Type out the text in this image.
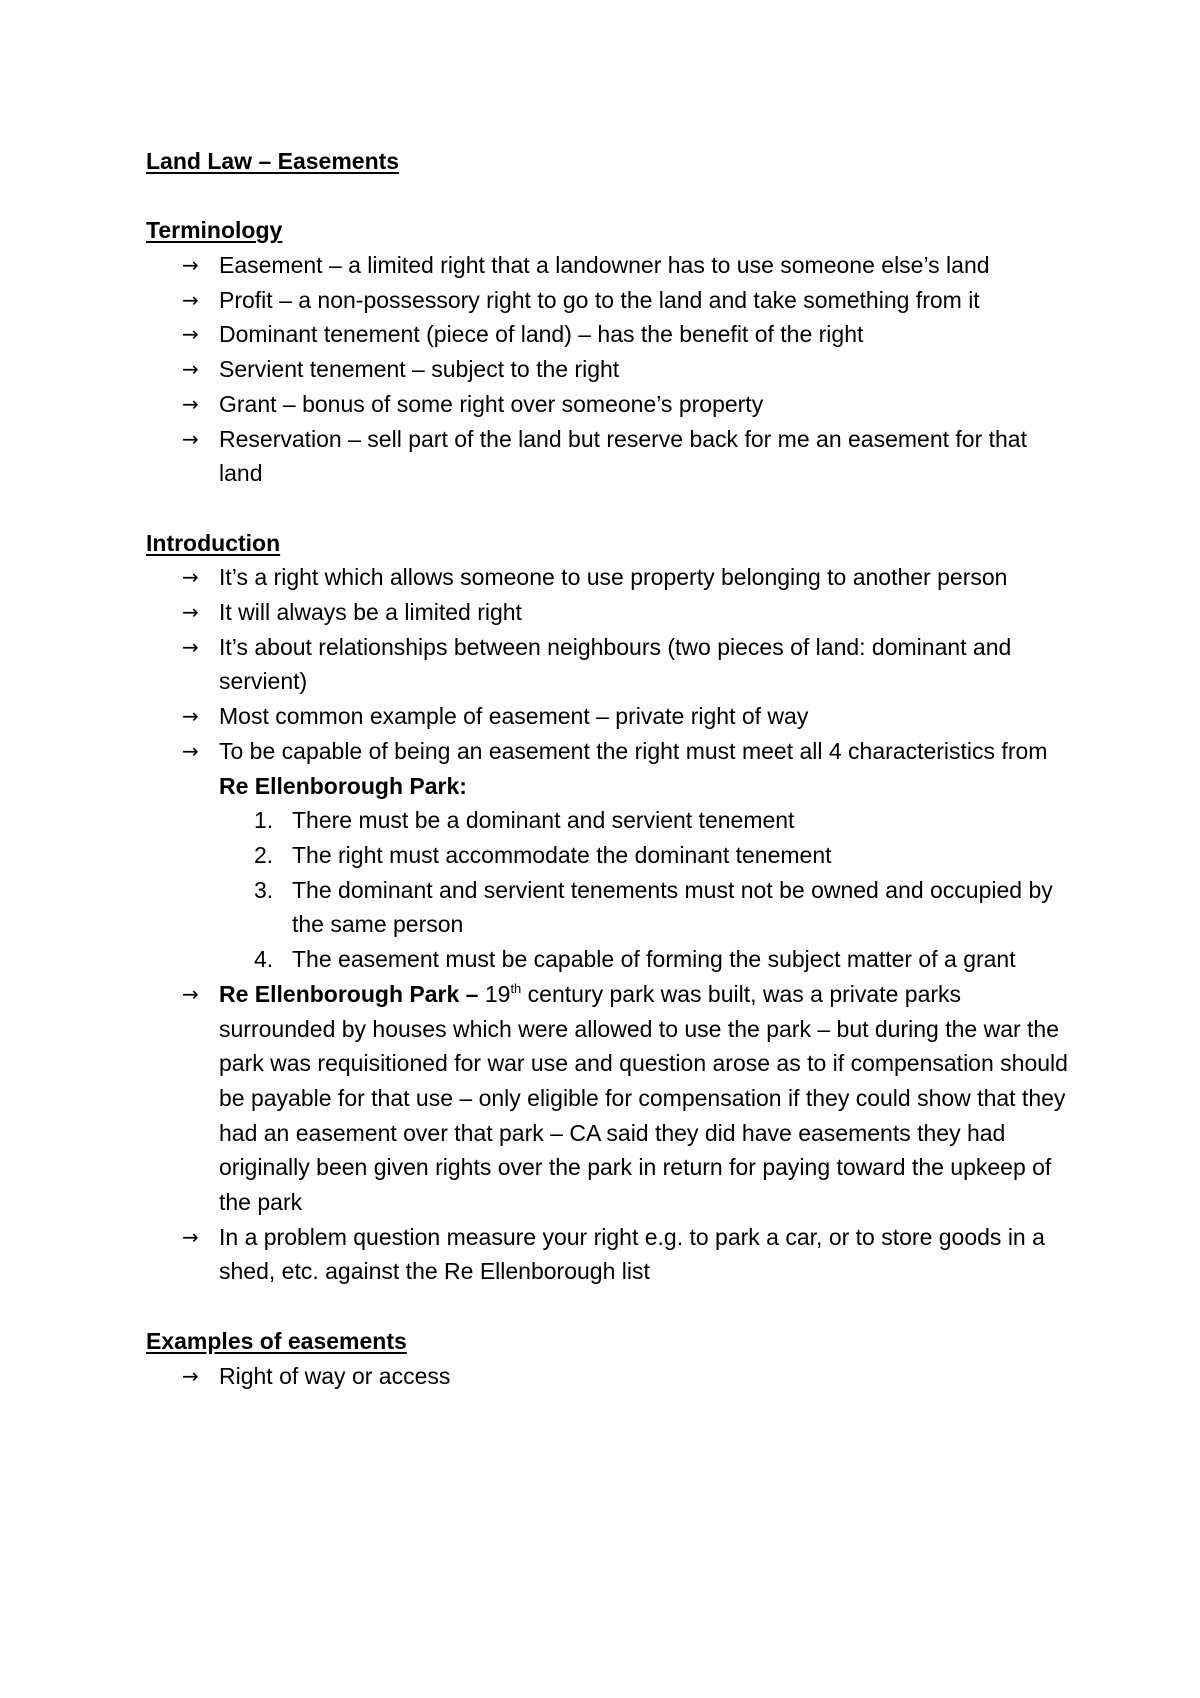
Land Law – Easements

Terminology

→ Easement – a limited right that a landowner has to use someone else’s land
→ Profit – a non-possessory right to go to the land and take something from it
→ Dominant tenement (piece of land) – has the benefit of the right
→ Servient tenement – subject to the right
→ Grant – bonus of some right over someone’s property
→ Reservation – sell part of the land but reserve back for me an easement for that land

Introduction

→ It’s a right which allows someone to use property belonging to another person
→ It will always be a limited right
→ It’s about relationships between neighbours (two pieces of land: dominant and servient)
→ Most common example of easement – private right of way
→ To be capable of being an easement the right must meet all 4 characteristics from Re Ellenborough Park:
1. There must be a dominant and servient tenement
2. The right must accommodate the dominant tenement
3. The dominant and servient tenements must not be owned and occupied by the same person
4. The easement must be capable of forming the subject matter of a grant
→ Re Ellenborough Park – 19th century park was built, was a private parks surrounded by houses which were allowed to use the park – but during the war the park was requisitioned for war use and question arose as to if compensation should be payable for that use – only eligible for compensation if they could show that they had an easement over that park – CA said they did have easements they had originally been given rights over the park in return for paying toward the upkeep of the park
→ In a problem question measure your right e.g. to park a car, or to store goods in a shed, etc. against the Re Ellenborough list

Examples of easements

→ Right of way or access
